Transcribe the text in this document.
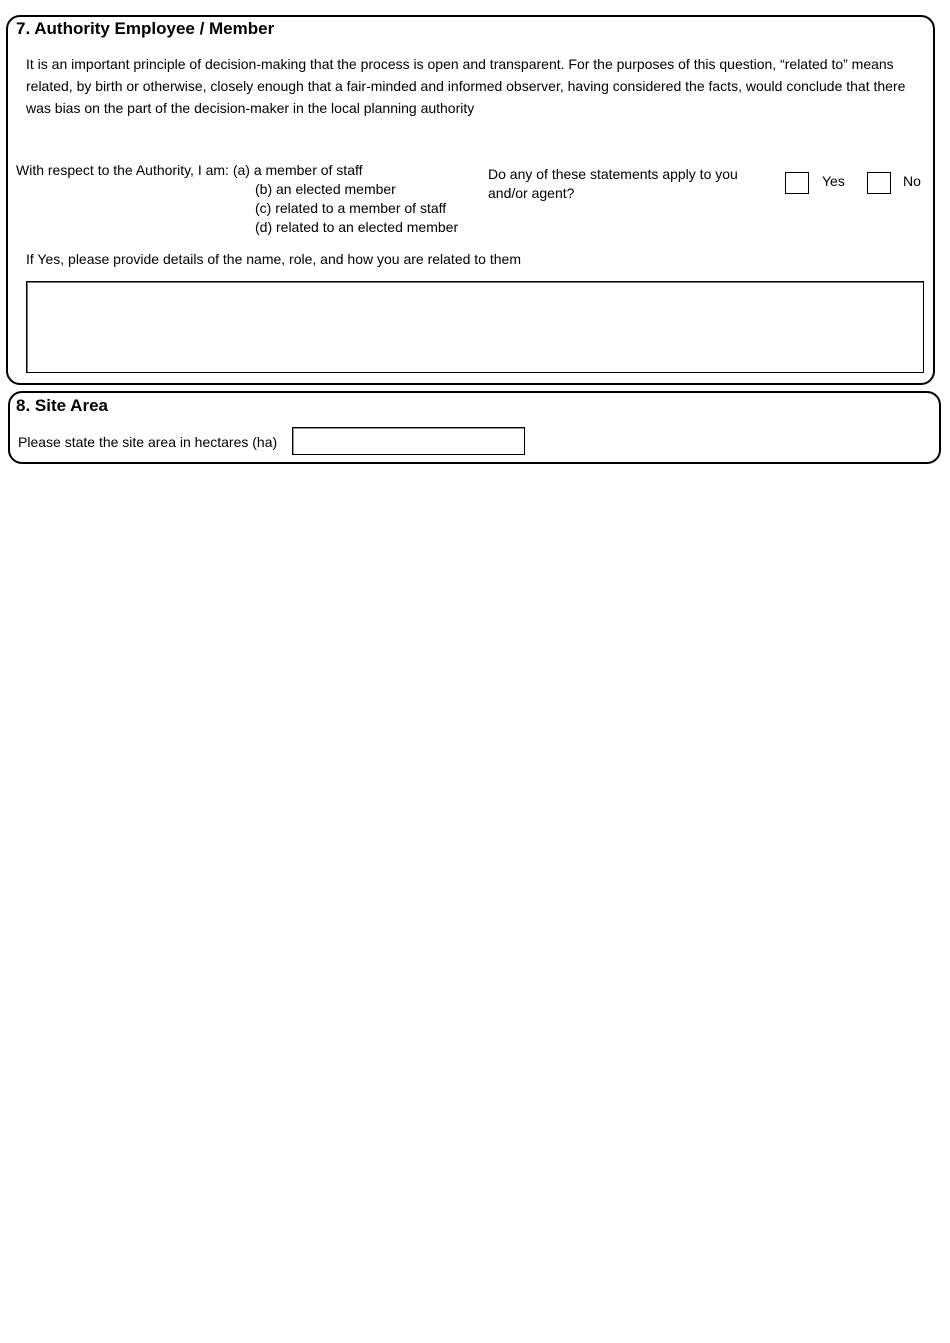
7. Authority Employee / Member
It is an important principle of decision-making that the process is open and transparent. For the purposes of this question, “related to” means related, by birth or otherwise, closely enough that a fair-minded and informed observer, having considered the facts, would conclude that there was bias on the part of the decision-maker in the local planning authority
With respect to the Authority, I am: (a) a member of staff
(b) an elected member
(c) related to a member of staff
(d) related to an elected member
Do any of these statements apply to you
and/or agent?
Yes	No
If Yes, please provide details of the name, role, and how you are related to them
8. Site Area
Please state the site area in hectares (ha)
